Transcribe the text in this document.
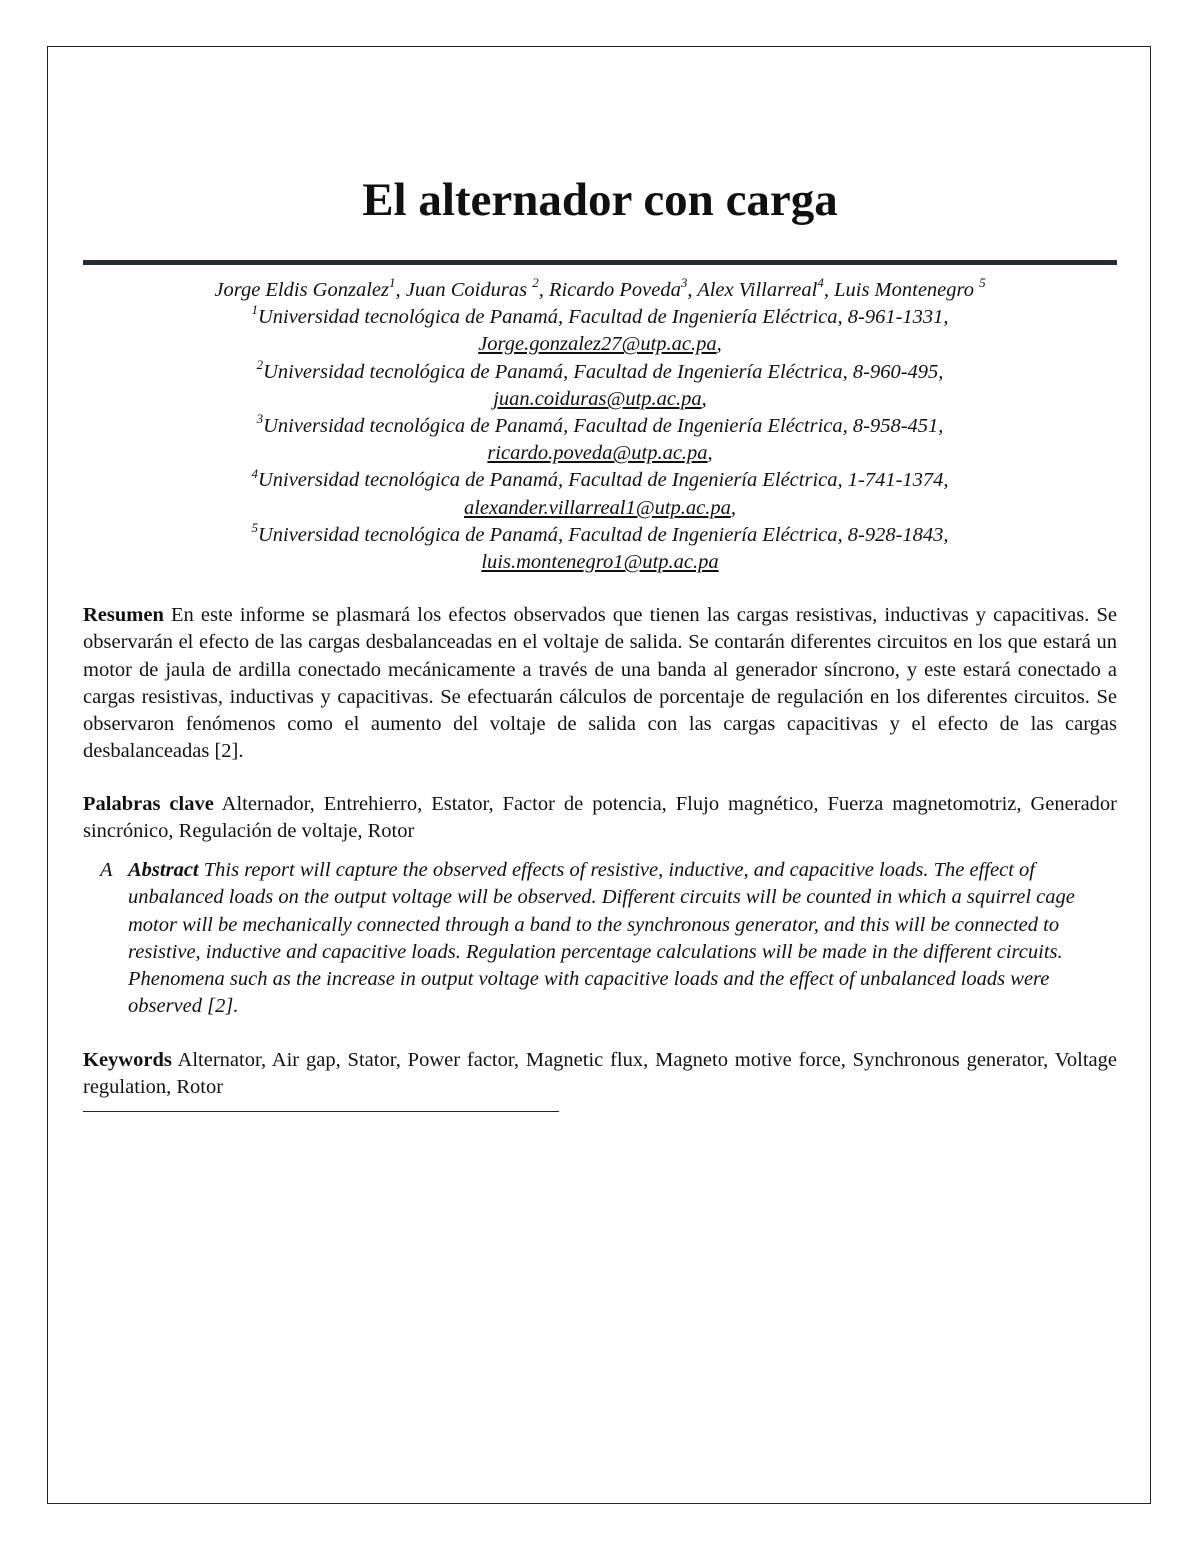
El alternador con carga
Jorge Eldis Gonzalez$^1$, Juan Coiduras $^2$, Ricardo Poveda$^3$, Alex Villarreal$^4$, Luis Montenegro $^5$
$^1$Universidad tecnológica de Panamá, Facultad de Ingeniería Eléctrica, 8-961-1331,
Jorge.gonzalez27@utp.ac.pa,
$^2$Universidad tecnológica de Panamá, Facultad de Ingeniería Eléctrica, 8-960-495,
juan.coiduras@utp.ac.pa,
$^3$Universidad tecnológica de Panamá, Facultad de Ingeniería Eléctrica, 8-958-451,
ricardo.poveda@utp.ac.pa,
$^4$Universidad tecnológica de Panamá, Facultad de Ingeniería Eléctrica, 1-741-1374,
alexander.villarreal1@utp.ac.pa,
$^5$Universidad tecnológica de Panamá, Facultad de Ingeniería Eléctrica, 8-928-1843,
luis.montenegro1@utp.ac.pa
Resumen En este informe se plasmará los efectos observados que tienen las cargas resistivas, inductivas y capacitivas. Se observarán el efecto de las cargas desbalanceadas en el voltaje de salida. Se contarán diferentes circuitos en los que estará un motor de jaula de ardilla conectado mecánicamente a través de una banda al generador síncrono, y este estará conectado a cargas resistivas, inductivas y capacitivas. Se efectuarán cálculos de porcentaje de regulación en los diferentes circuitos. Se observaron fenómenos como el aumento del voltaje de salida con las cargas capacitivas y el efecto de las cargas desbalanceadas [2].
Palabras clave Alternador, Entrehierro, Estator, Factor de potencia, Flujo magnético, Fuerza magnetomotriz, Generador sincrónico, Regulación de voltaje, Rotor
A Abstract This report will capture the observed effects of resistive, inductive, and capacitive loads. The effect of unbalanced loads on the output voltage will be observed. Different circuits will be counted in which a squirrel cage motor will be mechanically connected through a band to the synchronous generator, and this will be connected to resistive, inductive and capacitive loads. Regulation percentage calculations will be made in the different circuits. Phenomena such as the increase in output voltage with capacitive loads and the effect of unbalanced loads were observed [2].
Keywords Alternator, Air gap, Stator, Power factor, Magnetic flux, Magneto motive force, Synchronous generator, Voltage regulation, Rotor
